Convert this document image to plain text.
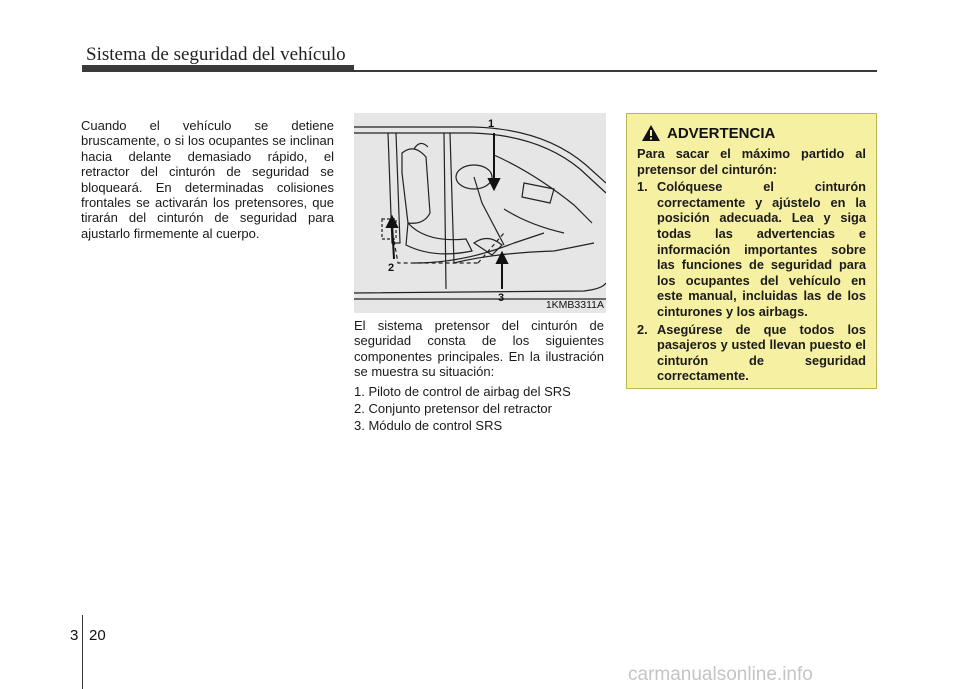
Sistema de seguridad del vehículo

Cuando el vehículo se detiene bruscamente, o si los ocupantes se inclinan hacia delante demasiado rápido, el retractor del cinturón de seguridad se bloqueará. En determinadas colisiones frontales se activarán los pretensores, que tirarán del cinturón de seguridad para ajustarlo firmemente al cuerpo.

1
2
3
1KMB3311A

El sistema pretensor del cinturón de seguridad consta de los siguientes componentes principales. En la ilustración se muestra su situación:

1. Piloto de control de airbag del SRS
2. Conjunto pretensor del retractor
3. Módulo de control SRS
ADVERTENCIA

Para sacar el máximo partido al pretensor del cinturón:

1. Colóquese el cinturón correctamente y ajústelo en la posición adecuada. Lea y siga todas las advertencias e información importantes sobre las funciones de seguridad para los ocupantes del vehículo en este manual, incluidas las de los cinturones y los airbags.
2. Asegúrese de que todos los pasajeros y usted llevan puesto el cinturón de seguridad correctamente.
3 20
carmanualsonline.info
